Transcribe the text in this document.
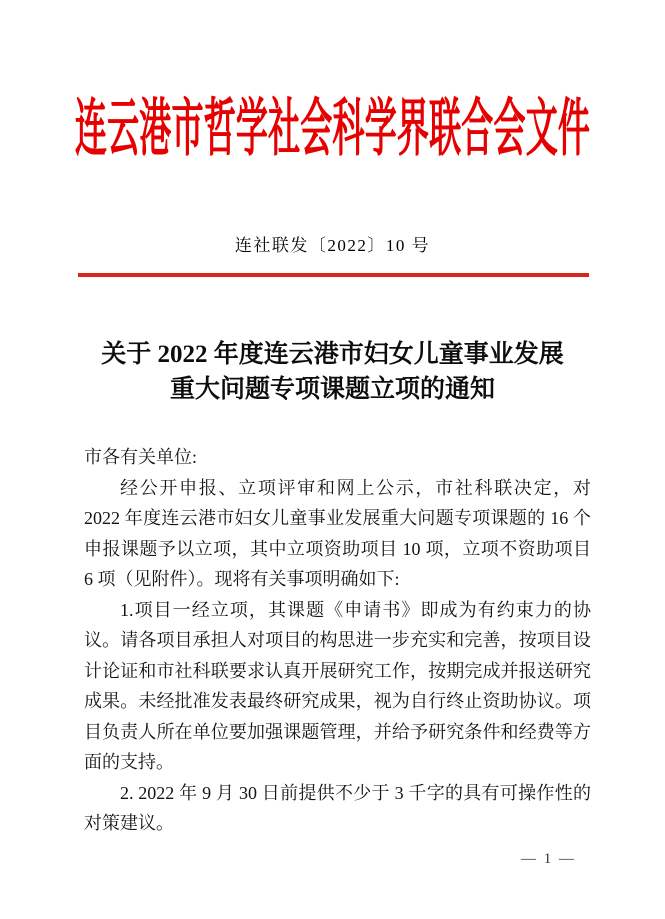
连云港市哲学社会科学界联合会文件
连社联发〔2022〕10 号
关于 2022 年度连云港市妇女儿童事业发展
重大问题专项课题立项的通知

市各有关单位:

经公开申报、立项评审和网上公示，市社科联决定，对 2022 年度连云港市妇女儿童事业发展重大问题专项课题的 16 个申报课题予以立项，其中立项资助项目 10 项，立项不资助项目 6 项（见附件）。现将有关事项明确如下:

1.项目一经立项，其课题《申请书》即成为有约束力的协议。请各项目承担人对项目的构思进一步充实和完善，按项目设计论证和市社科联要求认真开展研究工作，按期完成并报送研究成果。未经批准发表最终研究成果，视为自行终止资助协议。项目负责人所在单位要加强课题管理，并给予研究条件和经费等方面的支持。

2. 2022 年 9 月 30 日前提供不少于 3 千字的具有可操作性的对策建议。

— 1 —
